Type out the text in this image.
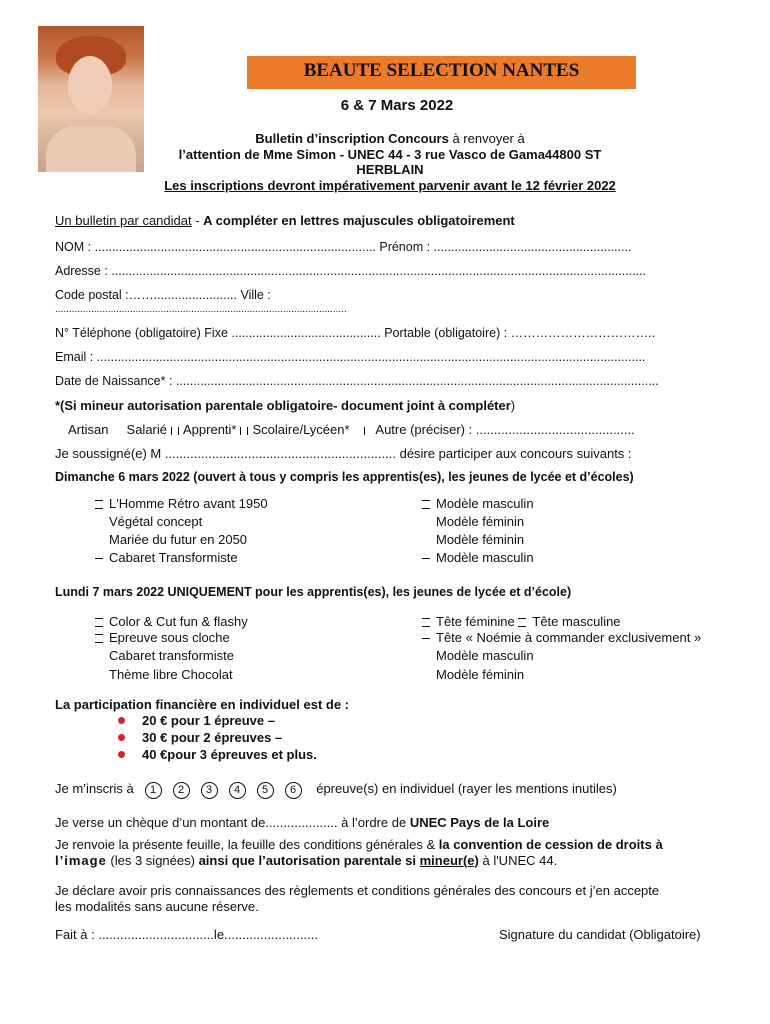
BEAUTE SELECTION NANTES
6 & 7 Mars 2022
Bulletin d’inscription Concours à renvoyer à
l’attention de Mme Simon - UNEC 44 - 3 rue Vasco de Gama44800 ST
HERBLAIN
Les inscriptions devront impérativement parvenir avant le 12 février 2022
Un bulletin par candidat - A compléter en lettres majuscules obligatoirement
NOM : ................................................................................. Prénom : .........................................................
Adresse : ..........................................................................................................................................................
Code postal :……........................ Ville :
.........................................................................................................
N° Téléphone (obligatoire) Fixe ........................................... Portable (obligatoire) : ……………………………..
Email : ..............................................................................................................................................................
Date de Naissance* : ...........................................................................................................................................
*(Si mineur autorisation parentale obligatoire- document joint à compléter)
Artisan Salarié Apprenti* Scolaire/Lycéen* Autre (préciser) : ............................................
Je soussigné(e) M ................................................................ désire participer aux concours suivants :
Dimanche 6 mars 2022 (ouvert à tous y compris les apprentis(es), les jeunes de lycée et d’écoles)
L'Homme Rétro avant 1950
Végétal concept
Mariée du futur en 2050
Cabaret Transformiste
Modèle masculin
Modèle féminin
Modèle féminin
Modèle masculin
Lundi 7 mars 2022 UNIQUEMENT pour les apprentis(es), les jeunes de lycée et d’école)
Color & Cut fun & flashy
Epreuve sous cloche
Cabaret transformiste
Thème libre Chocolat
Tête féminine Tête masculine
Tête « Noémie à commander exclusivement »
Modèle masculin
Modèle féminin
La participation financière en individuel est de :
20 € pour 1 épreuve –
30 € pour 2 épreuves –
40 €pour 3 épreuves et plus.
Je m’inscris à 1 2 3 4 5 6 épreuve(s) en individuel (rayer les mentions inutiles)
Je verse un chèque d’un montant de.................... à l’ordre de UNEC Pays de la Loire
Je renvoie la présente feuille, la feuille des conditions générales & la convention de cession de droits à
l’image (les 3 signées) ainsi que l’autorisation parentale si mineur(e) à l'UNEC 44.
Je déclare avoir pris connaissances des règlements et conditions générales des concours et j’en accepte
les modalités sans aucune réserve.
Fait à : ................................le..........................	Signature du candidat (Obligatoire)
